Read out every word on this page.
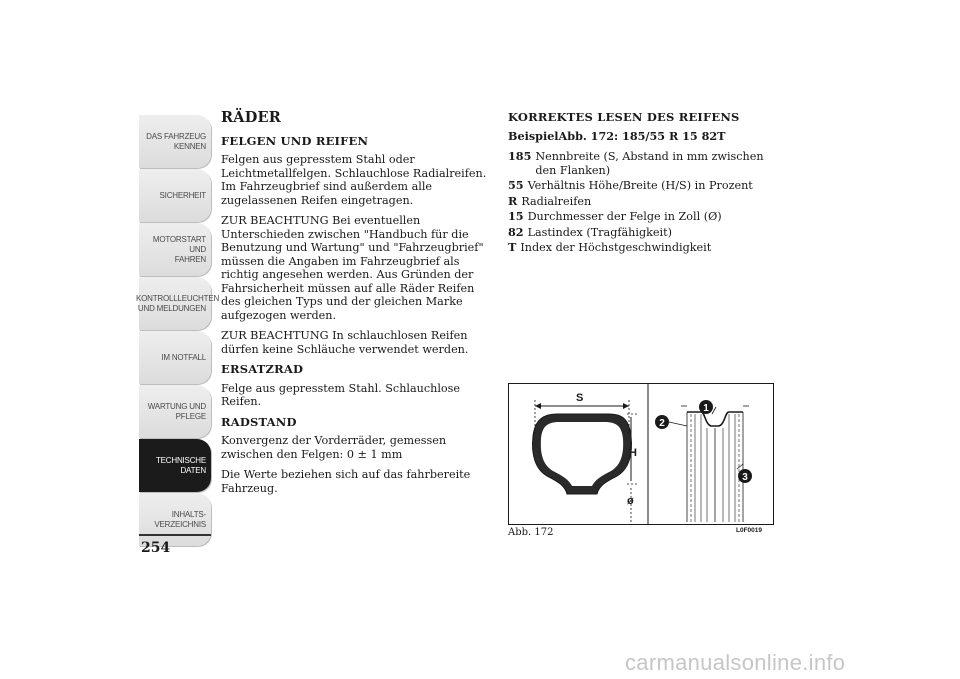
DAS FAHRZEUG
KENNEN
SICHERHEIT
MOTORSTART UND
FAHREN
KONTROLLLEUCHTEN
UND MELDUNGEN
IM NOTFALL
WARTUNG UND
PFLEGE
TECHNISCHE
DATEN
INHALTS-
VERZEICHNIS
254
RÄDER
FELGEN UND REIFEN

Felgen aus gepresstem Stahl oder Leichtmetallfelgen. Schlauchlose Radialreifen. Im Fahrzeugbrief sind außerdem alle zugelassenen Reifen eingetragen.

ZUR BEACHTUNG Bei eventuellen Unterschieden zwischen "Handbuch für die Benutzung und Wartung" und "Fahrzeugbrief" müssen die Angaben im Fahrzeugbrief als richtig angesehen werden. Aus Gründen der Fahrsicherheit müssen auf alle Räder Reifen des gleichen Typs und der gleichen Marke aufgezogen werden.

ZUR BEACHTUNG In schlauchlosen Reifen dürfen keine Schläuche verwendet werden.

ERSATZRAD

Felge aus gepresstem Stahl. Schlauchlose Reifen.

RADSTAND

Konvergenz der Vorderräder, gemessen zwischen den Felgen: 0 ± 1 mm

Die Werte beziehen sich auf das fahrbereite Fahrzeug.

KORREKTES LESEN DES REIFENS
BeispielAbb. 172: 185/55 R 15 82T
185 Nennbreite (S, Abstand in mm zwischen den Flanken)
55 Verhältnis Höhe/Breite (H/S) in Prozent
R Radialreifen
15 Durchmesser der Felge in Zoll (Ø)
82 Lastindex (Tragfähigkeit)
T Index der Höchstgeschwindigkeit
S
H
ø
1
2
3
Abb. 172	L0F0019
carmanualsonline.info
